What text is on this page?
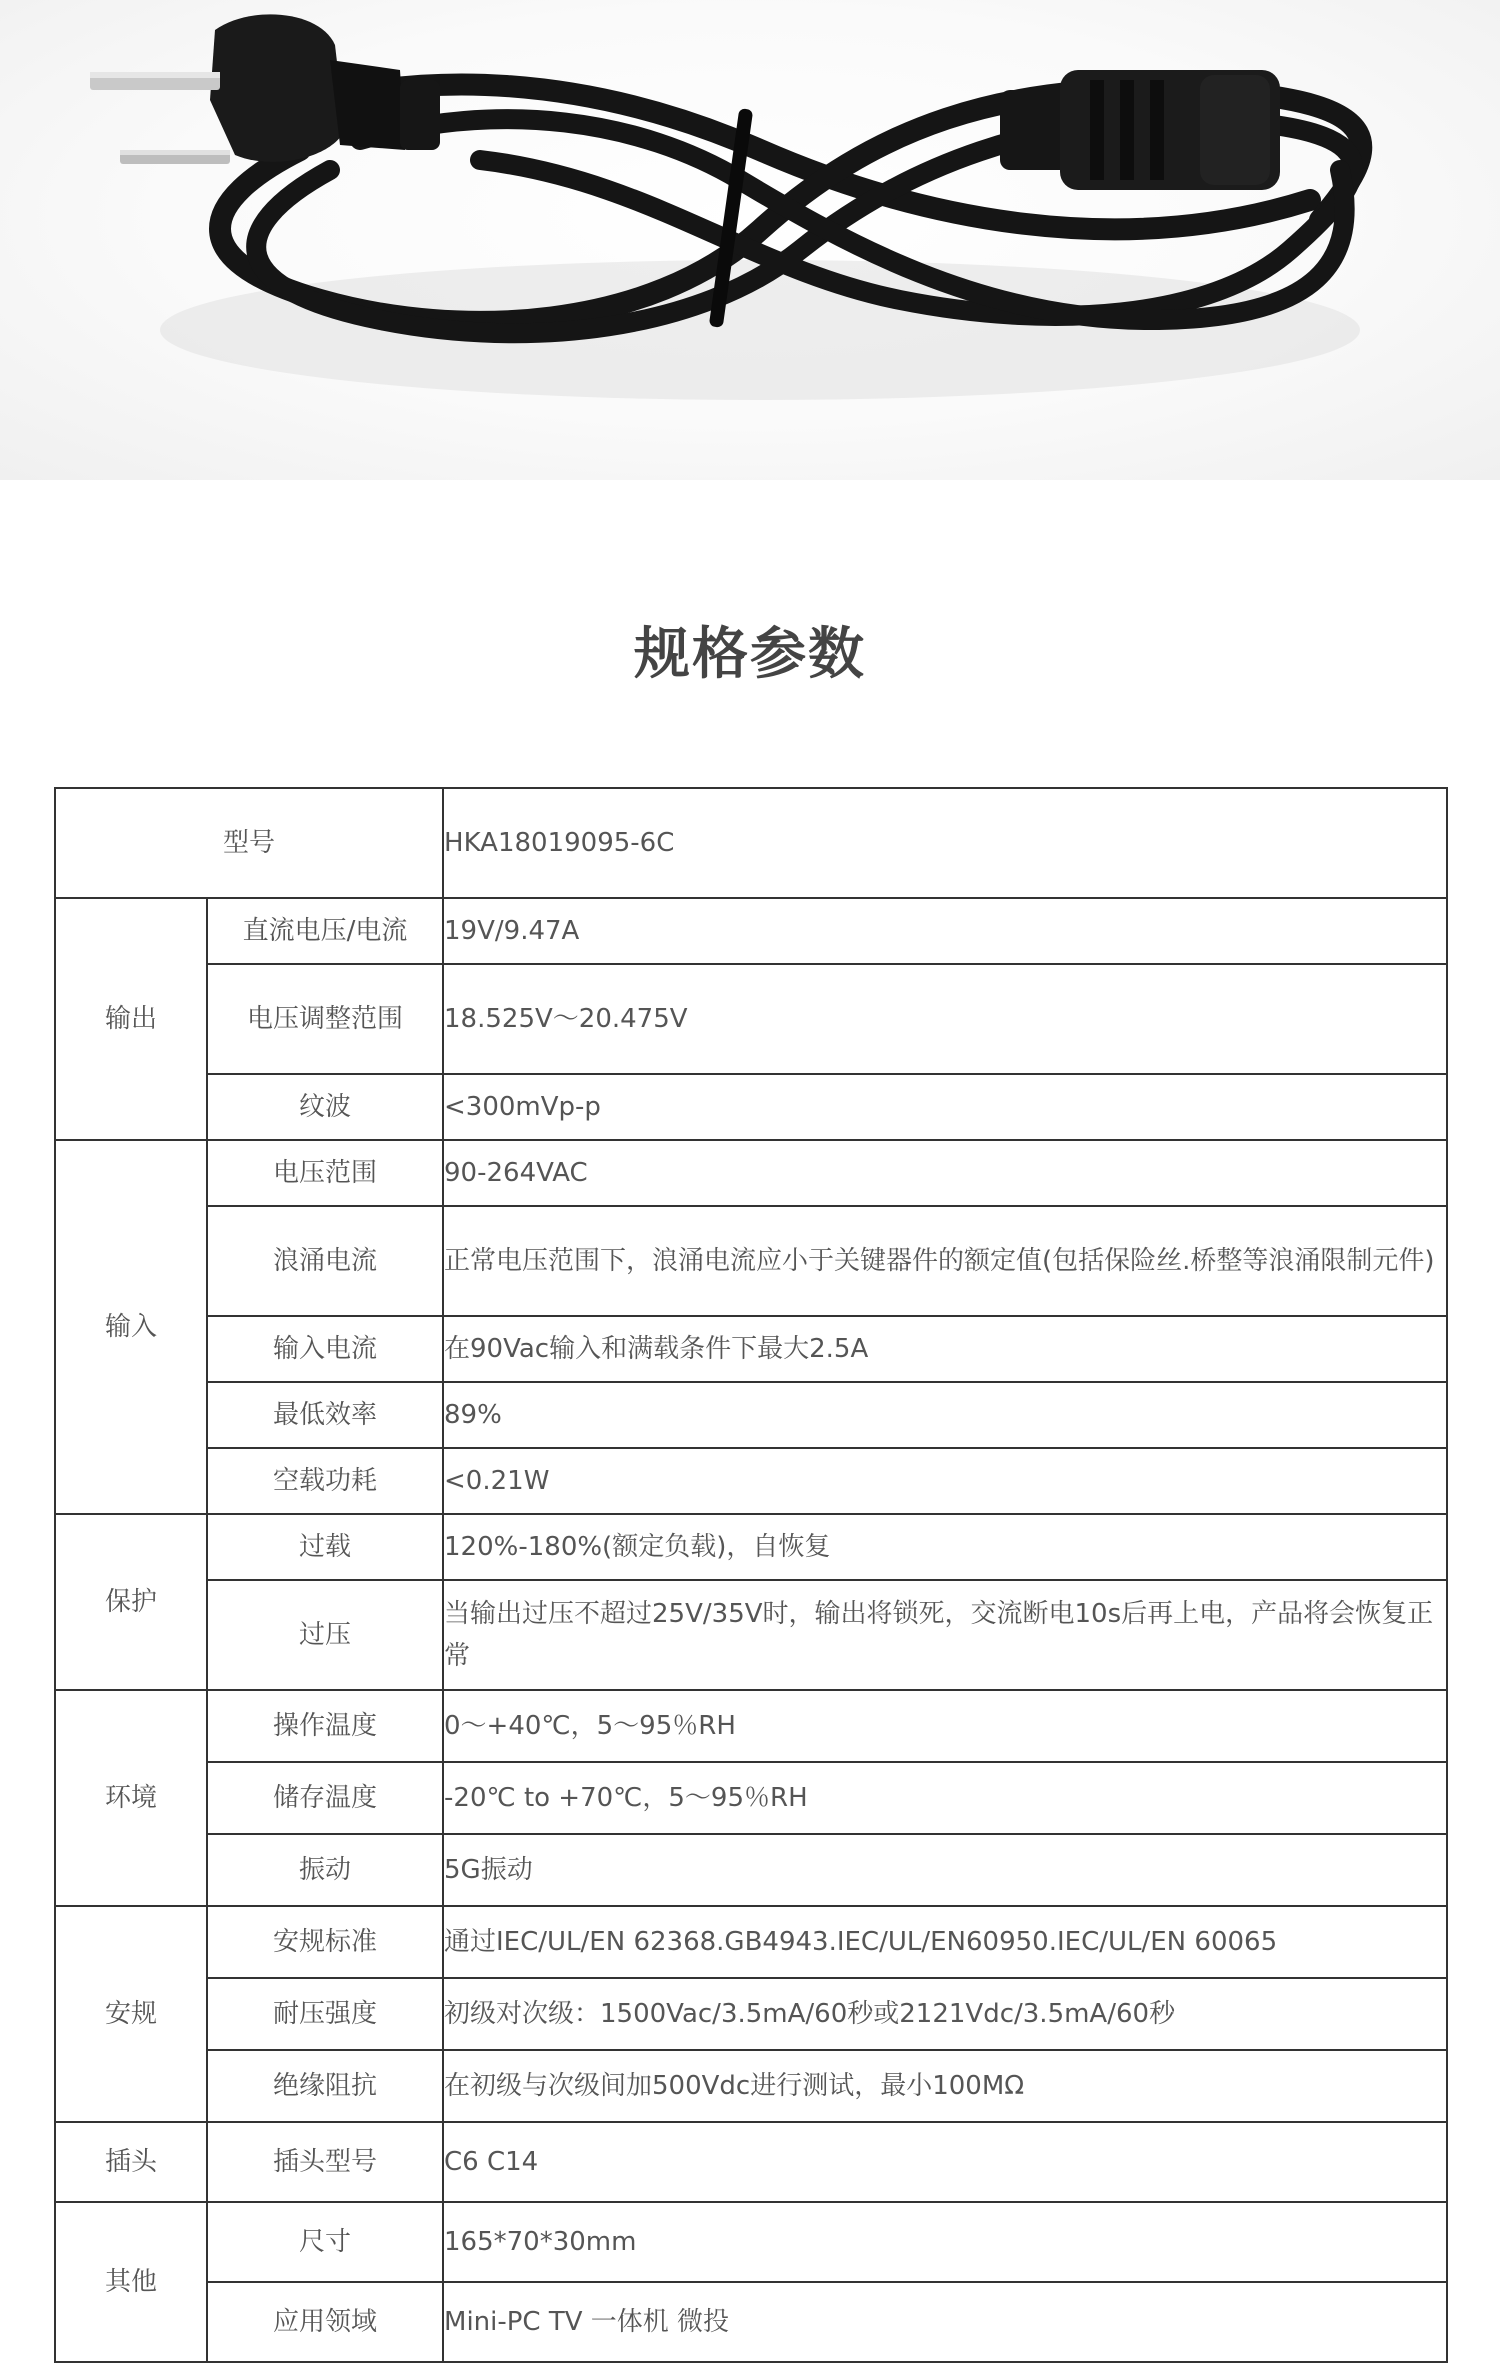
规格参数
型号		HKA18019095-6C
输出	直流电压/电流	19V/9.47A
	电压调整范围	18.525V～20.475V
	纹波	<300mVp-p
输入	电压范围	90-264VAC
	浪涌电流	正常电压范围下，浪涌电流应小于关键器件的额定值(包括保险丝.桥整等浪涌限制元件)
	输入电流	在90Vac输入和满载条件下最大2.5A
	最低效率	89%
	空载功耗	<0.21W
保护	过载	120%-180%(额定负载)，自恢复
	过压	当输出过压不超过25V/35V时，输出将锁死，交流断电10s后再上电，产品将会恢复正常
环境	操作温度	0～+40℃，5～95％RH
	储存温度	-20℃ to +70℃，5～95％RH
	振动	5G振动
安规	安规标准	通过IEC/UL/EN 62368.GB4943.IEC/UL/EN60950.IEC/UL/EN 60065
	耐压强度	初级对次级：1500Vac/3.5mA/60秒或2121Vdc/3.5mA/60秒
	绝缘阻抗	在初级与次级间加500Vdc进行测试，最小100MΩ
插头	插头型号	C6 C14
其他	尺寸	165*70*30mm
	应用领域	Mini-PC TV 一体机 微投
